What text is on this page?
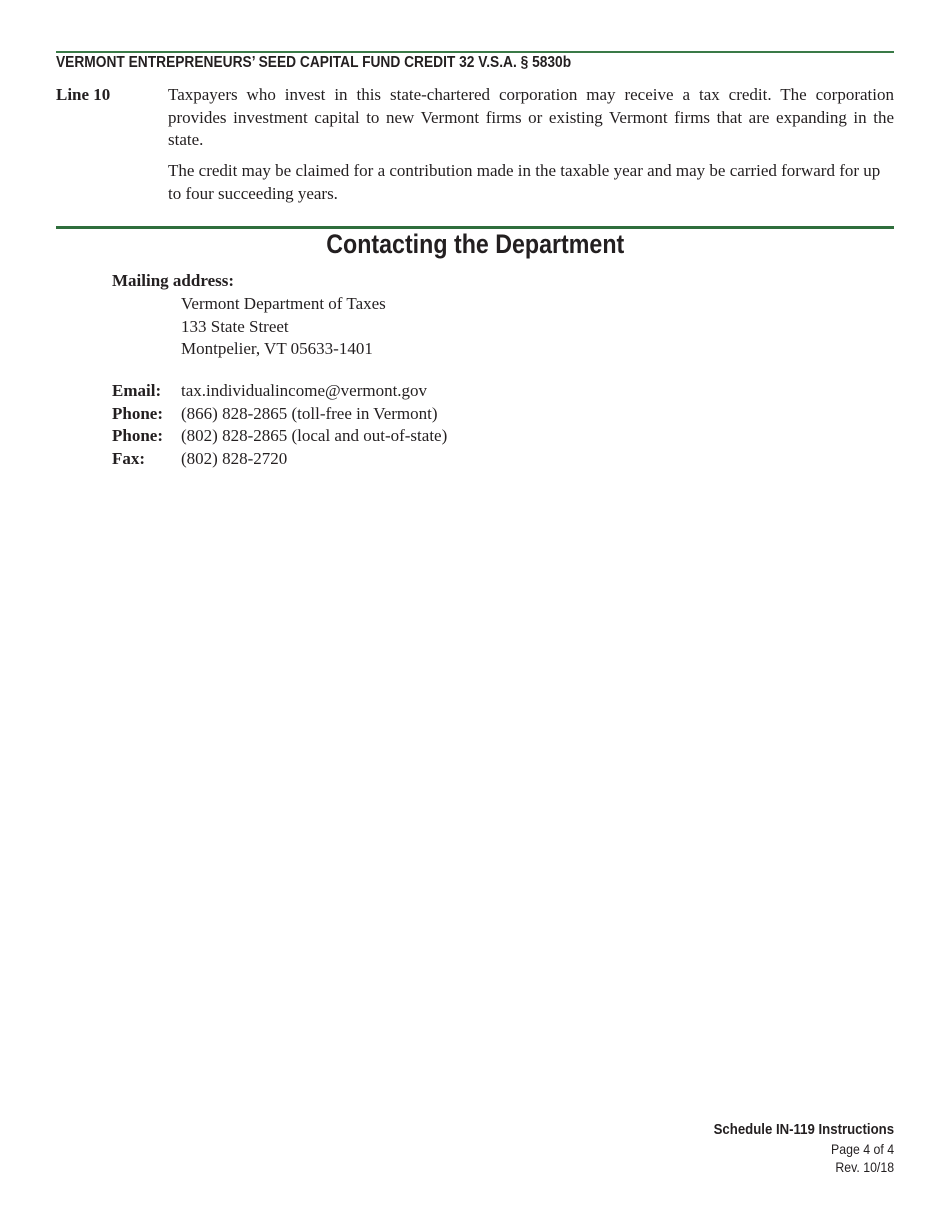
VERMONT ENTREPRENEURS’ SEED CAPITAL FUND CREDIT 32 V.S.A. § 5830b
Line 10	Taxpayers who invest in this state-chartered corporation may receive a tax credit. The corporation provides investment capital to new Vermont firms or existing Vermont firms that are expanding in the state.
The credit may be claimed for a contribution made in the taxable year and may be carried forward for up to four succeeding years.
Contacting the Department
Mailing address:
Vermont Department of Taxes
133 State Street
Montpelier, VT 05633-1401
Email:	tax.individualincome@vermont.gov
Phone:	(866) 828-2865 (toll-free in Vermont)
Phone:	(802) 828-2865 (local and out-of-state)
Fax:	(802) 828-2720
Schedule IN-119 Instructions
Page 4 of 4
Rev. 10/18
